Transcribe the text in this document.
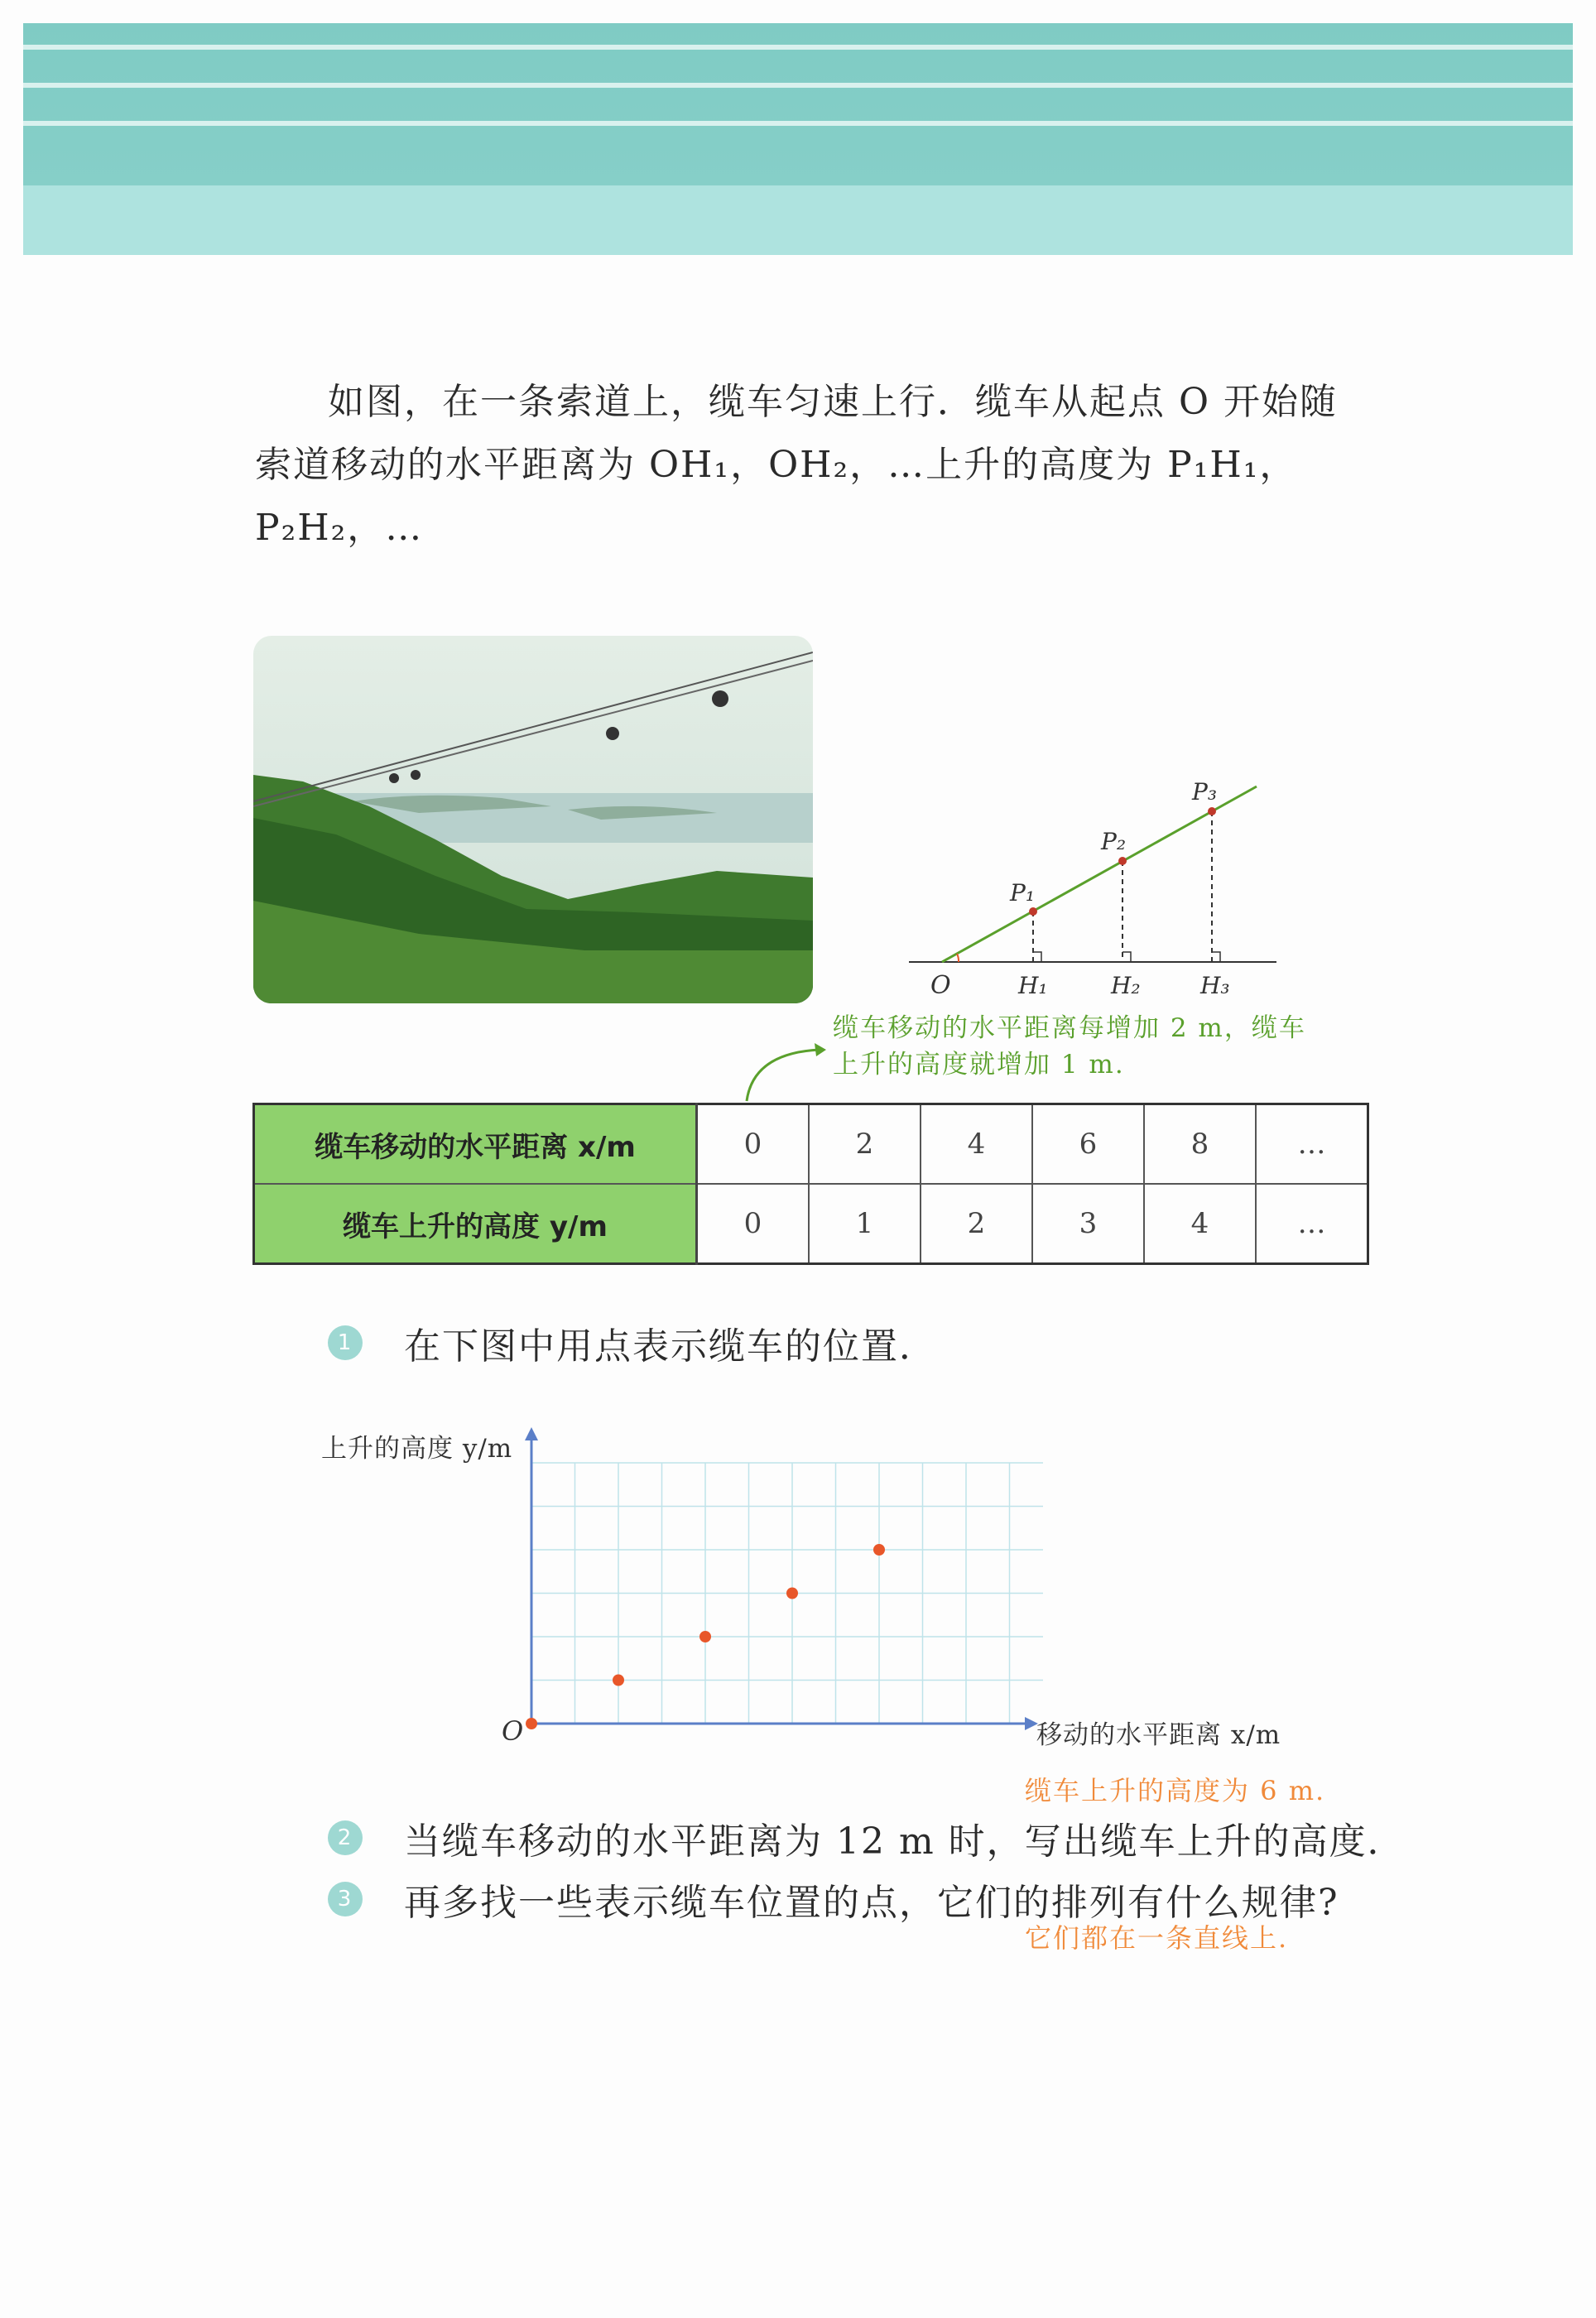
如图，在一条索道上，缆车匀速上行．缆车从起点 O 开始随

索道移动的水平距离为 OH₁，OH₂，…上升的高度为 P₁H₁，
P₂H₂，…
O
P₁
P₂
P₃
H₁	H₂	H₃
缆车移动的水平距离每增加 2 m，缆车
上升的高度就增加 1 m.
缆车移动的水平距离 x/m	0	2	4	6	8	…
缆车上升的高度 y/m	0	1	2	3	4	…
1 在下图中用点表示缆车的位置．
上升的高度 y/m
移动的水平距离 x/m
O
缆车上升的高度为 6 m.
2 当缆车移动的水平距离为 12 m 时，写出缆车上升的高度．
3 再多找一些表示缆车位置的点，它们的排列有什么规律?
它们都在一条直线上.
